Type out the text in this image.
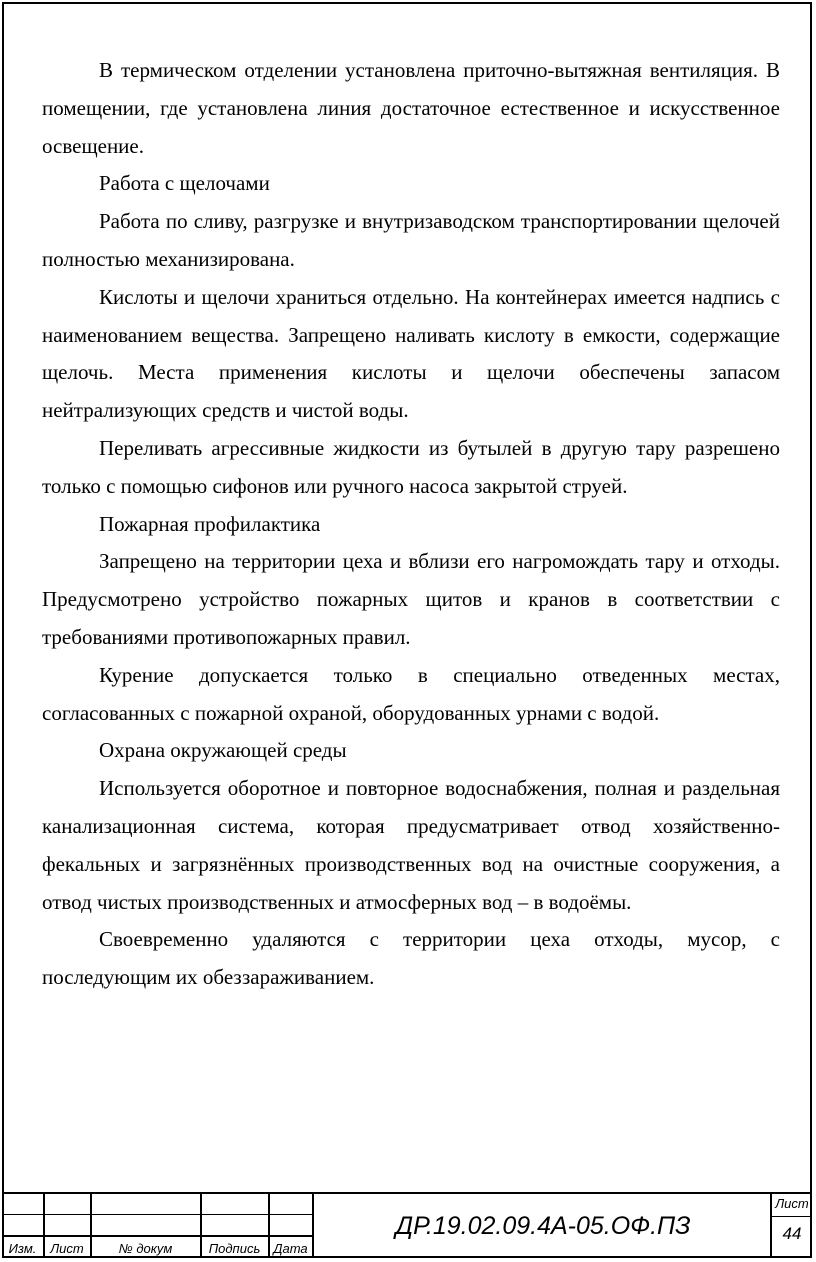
В термическом отделении установлена приточно-вытяжная вентиляция. В помещении, где установлена линия достаточное естественное и искусственное освещение.

Работа с щелочами

Работа по сливу, разгрузке и внутризаводском транспортировании щелочей полностью механизирована.

Кислоты и щелочи храниться отдельно. На контейнерах имеется надпись с наименованием вещества. Запрещено наливать кислоту в емкости, содержащие щелочь. Места применения кислоты и щелочи обеспечены запасом нейтрализующих средств и чистой воды.

Переливать агрессивные жидкости из бутылей в другую тару разрешено только с помощью сифонов или ручного насоса закрытой струей.

Пожарная профилактика

Запрещено на территории цеха и вблизи его нагромождать тару и отходы. Предусмотрено устройство пожарных щитов и кранов в соответствии с требованиями противопожарных правил.

Курение допускается только в специально отведенных местах, согласованных с пожарной охраной, оборудованных урнами с водой.

Охрана окружающей среды

Используется оборотное и повторное водоснабжения, полная и раздельная канализационная система, которая предусматривает отвод хозяйственно-фекальных и загрязнённых производственных вод на очистные сооружения, а отвод чистых производственных и атмосферных вод – в водоёмы.

Своевременно удаляются с территории цеха отходы, мусор, с последующим их обеззараживанием.

Изм.	Лист	№ докум	Подпись	Дата
ДР.19.02.09.4А-05.ОФ.ПЗ
Лист
44
